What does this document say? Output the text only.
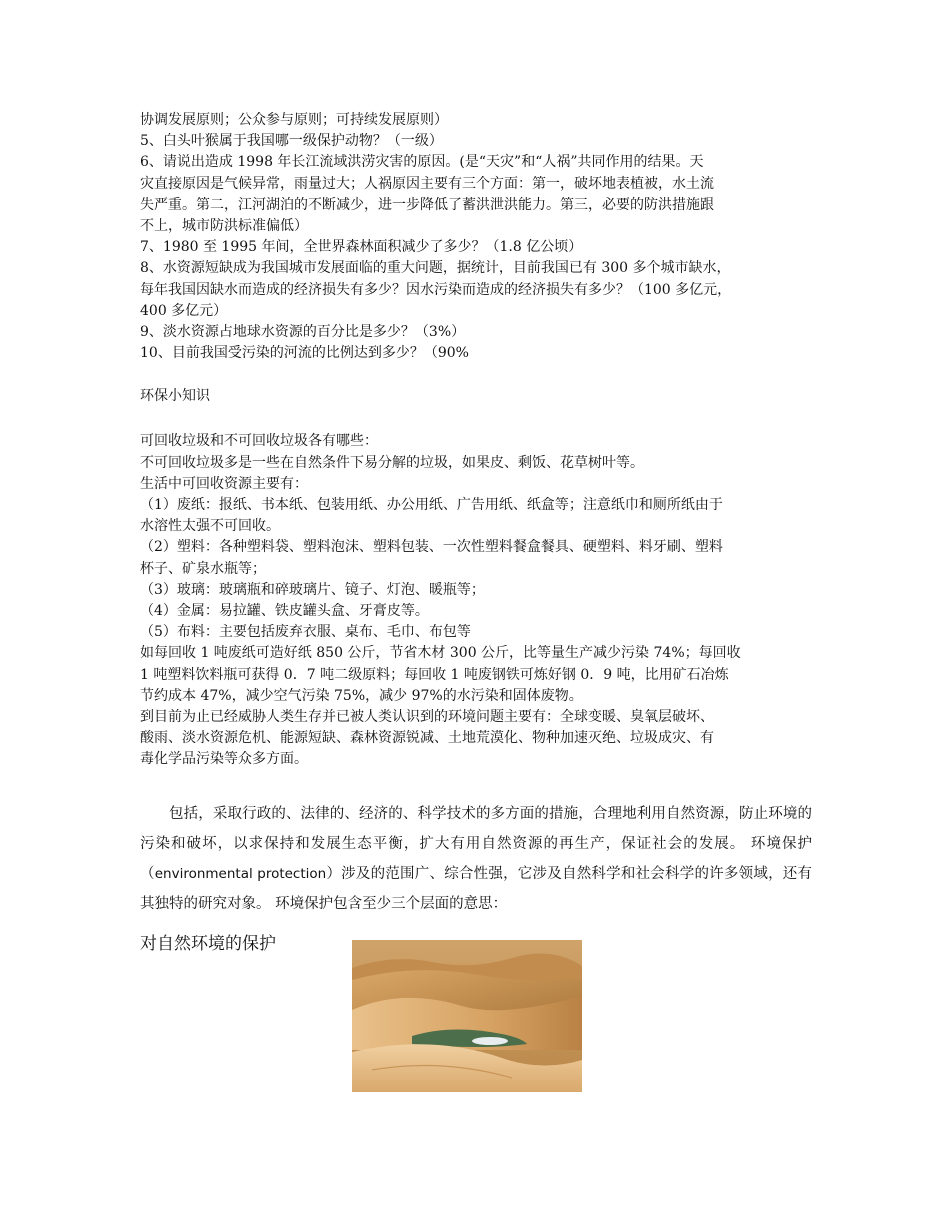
协调发展原则；公众参与原则；可持续发展原则）

5、白头叶猴属于我国哪一级保护动物？（一级）

6、请说出造成 1998 年长江流域洪涝灾害的原因。(是“天灾”和“人祸”共同作用的结果。天

灾直接原因是气候异常，雨量过大；人祸原因主要有三个方面：第一，破坏地表植被，水土流

失严重。第二，江河湖泊的不断减少，进一步降低了蓄洪泄洪能力。第三，必要的防洪措施跟

不上，城市防洪标准偏低）

7、1980 至 1995 年间，全世界森林面积减少了多少？（1.8 亿公顷）

8、水资源短缺成为我国城市发展面临的重大问题，据统计，目前我国已有 300 多个城市缺水，

每年我国因缺水而造成的经济损失有多少？因水污染而造成的经济损失有多少？（100 多亿元，

400 多亿元）

9、淡水资源占地球水资源的百分比是多少？（3%）

10、目前我国受污染的河流的比例达到多少？（90%

环保小知识

可回收垃圾和不可回收垃圾各有哪些：

不可回收垃圾多是一些在自然条件下易分解的垃圾，如果皮、剩饭、花草树叶等。

生活中可回收资源主要有：

（1）废纸：报纸、书本纸、包装用纸、办公用纸、广告用纸、纸盒等；注意纸巾和厕所纸由于

水溶性太强不可回收。

（2）塑料：各种塑料袋、塑料泡沫、塑料包装、一次性塑料餐盒餐具、硬塑料、料牙刷、塑料

杯子、矿泉水瓶等；

（3）玻璃：玻璃瓶和碎玻璃片、镜子、灯泡、暖瓶等；

（4）金属：易拉罐、铁皮罐头盒、牙膏皮等。

（5）布料：主要包括废弃衣服、桌布、毛巾、布包等

如每回收 1 吨废纸可造好纸 850 公斤，节省木材 300 公斤，比等量生产减少污染 74%；每回收

1 吨塑料饮料瓶可获得 0．7 吨二级原料；每回收 1 吨废钢铁可炼好钢 0．9 吨，比用矿石冶炼

节约成本 47%，减少空气污染 75%，减少 97%的水污染和固体废物。

到目前为止已经威胁人类生存并已被人类认识到的环境问题主要有：全球变暖、臭氧层破坏、

酸雨、淡水资源危机、能源短缺、森林资源锐减、土地荒漠化、物种加速灭绝、垃圾成灾、有

毒化学品污染等众多方面。

包括，采取行政的、法律的、经济的、科学技术的多方面的措施，合理地利用自然资源，防止环境的污染和破坏，以求保持和发展生态平衡，扩大有用自然资源的再生产，保证社会的发展。 环境保护（environmental protection）涉及的范围广、综合性强，它涉及自然科学和社会科学的许多领域，还有其独特的研究对象。 环境保护包含至少三个层面的意思：

对自然环境的保护
